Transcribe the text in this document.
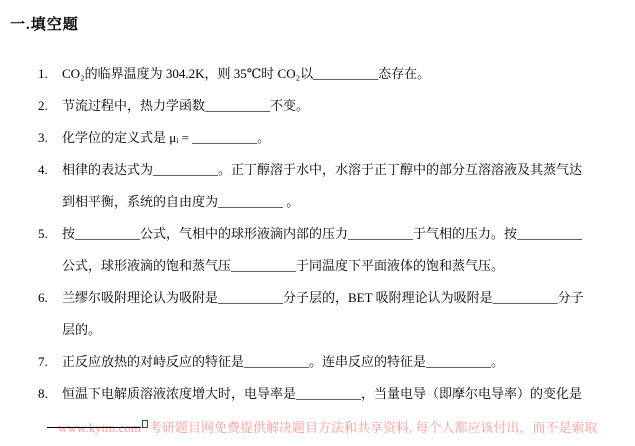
一.填空题
1.	CO₂的临界温度为 304.2K，则 35℃时 CO₂以__________态存在。
2.	节流过程中，热力学函数__________不变。
3.	化学位的定义式是 μᵢ = __________。
4.	相律的表达式为__________。正丁醇溶于水中，水溶于正丁醇中的部分互溶溶液及其蒸气达
到相平衡，系统的自由度为__________ 。
5.	按__________公式，气相中的球形液滴内部的压力__________于气相的压力。按__________
公式，球形液滴的饱和蒸气压__________于同温度下平面液体的饱和蒸气压。
6.	兰缪尔吸附理论认为吸附是__________分子层的，BET 吸附理论认为吸附是__________分子
层的。
7.	正反应放热的对峙反应的特征是__________。连串反应的特征是__________。
8.	恒温下电解质溶液浓度增大时，电导率是__________，当量电导（即摩尔电导率）的变化是
www.kytm.com 考研题目网免费提供解决题目方法和共享资料, 每个人都应该付出，而不是索取
